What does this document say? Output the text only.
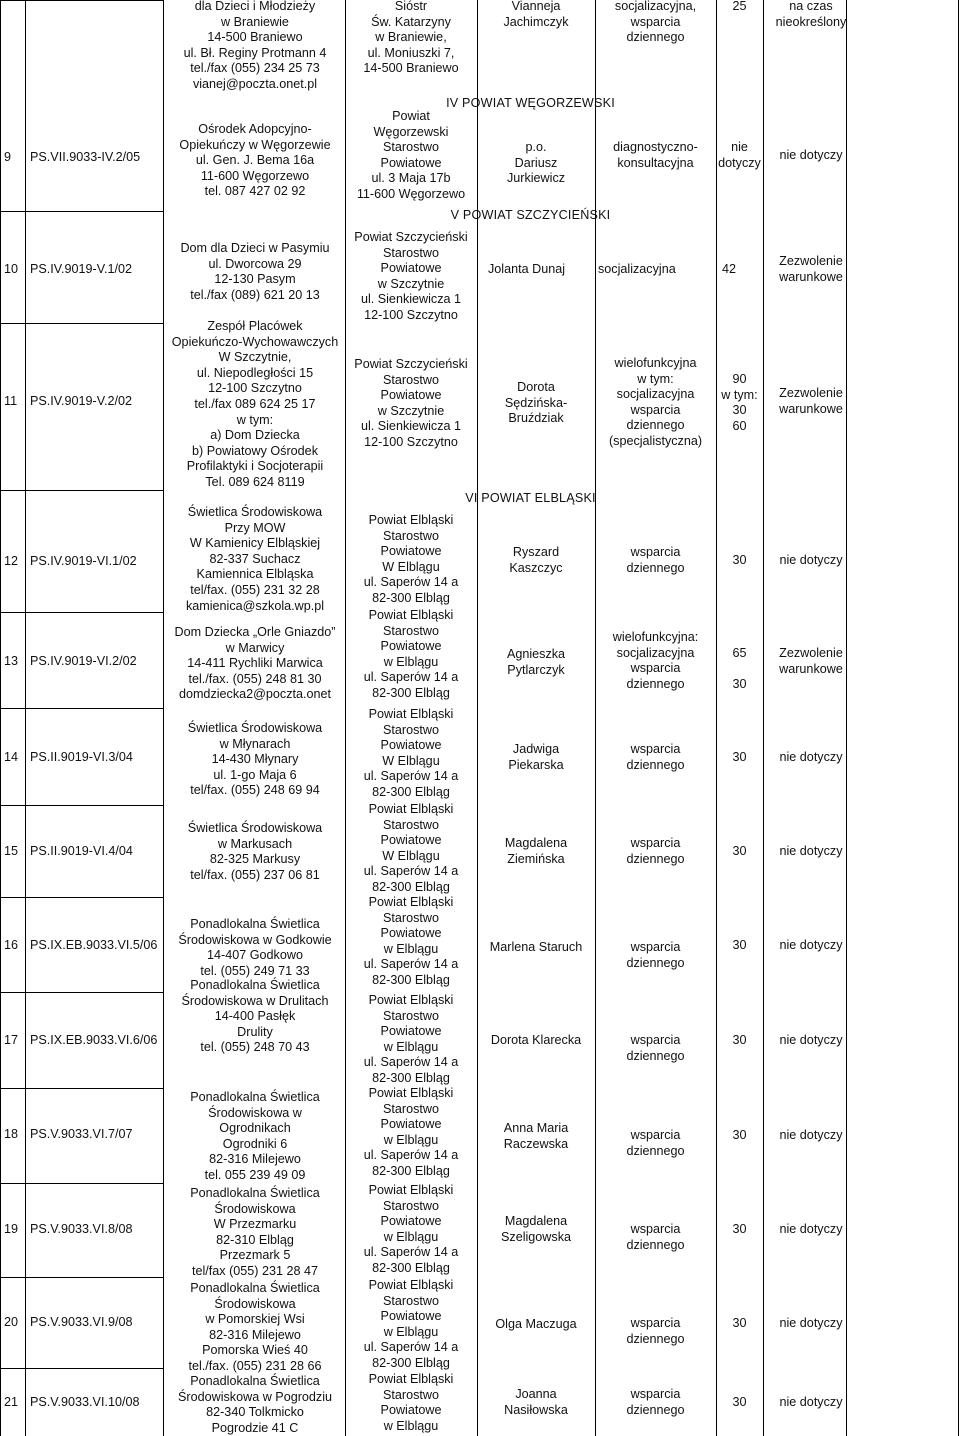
9 PS.VII.9033-IV.2/05
10 PS.IV.9019-V.1/02
11 PS.IV.9019-V.2/02
12 PS.IV.9019-VI.1/02
13 PS.IV.9019-VI.2/02
14 PS.II.9019-VI.3/04
15 PS.II.9019-VI.4/04
16 PS.IX.EB.9033.VI.5/06
17 PS.IX.EB.9033.VI.6/06
18 PS.V.9033.VI.7/07
19 PS.V.9033.VI.8/08
20 PS.V.9033.VI.9/08
21 PS.V.9033.VI.10/08
dla Dzieci i Młodzieży
w Braniewie
14-500 Braniewo
ul. Bł. Reginy Protmann 4
tel./fax (055) 234 25 73
vianej@poczta.onet.pl
Ośrodek Adopcyjno-
Opiekuńczy w Węgorzewie
ul. Gen. J. Bema 16a
11-600 Węgorzewo
tel. 087 427 02 92
Dom dla Dzieci w Pasymiu
ul. Dworcowa 29
12-130 Pasym
tel./fax (089) 621 20 13
Zespół Placówek
Opiekuńczo-Wychowawczych
W Szczytnie,
ul. Niepodległości 15
12-100 Szczytno
tel./fax 089 624 25 17
w tym:
a) Dom Dziecka
b) Powiatowy Ośrodek
Profilaktyki i Socjoterapii
Tel. 089 624 8119
Świetlica Środowiskowa
Przy MOW
W Kamienicy Elbląskiej
82-337 Suchacz
Kamiennica Elbląska
tel/fax. (055) 231 32 28
kamienica@szkola.wp.pl
Dom Dziecka „Orle Gniazdo”
w Marwicy
14-411 Rychliki Marwica
tel./fax. (055) 248 81 30
domdziecka2@poczta.onet
Świetlica Środowiskowa
w Młynarach
14-430 Młynary
ul. 1-go Maja 6
tel/fax. (055) 248 69 94
Świetlica Środowiskowa
w Markusach
82-325 Markusy
tel/fax. (055) 237 06 81
Ponadlokalna Świetlica
Środowiskowa w Godkowie
14-407 Godkowo
tel. (055) 249 71 33
Ponadlokalna Świetlica
Środowiskowa w Drulitach
14-400 Pasłęk
Drulity
tel. (055) 248 70 43
Ponadlokalna Świetlica
Środowiskowa w
Ogrodnikach
Ogrodniki 6
82-316 Milejewo
tel. 055 239 49 09
Ponadlokalna Świetlica
Środowiskowa
W Przezmarku
82-310 Elbląg
Przezmark 5
tel/fax (055) 231 28 47
Ponadlokalna Świetlica
Środowiskowa
w Pomorskiej Wsi
82-316 Milejewo
Pomorska Wieś 40
tel./fax. (055) 231 28 66
Ponadlokalna Świetlica
Środowiskowa w Pogrodziu
82-340 Tolkmicko
Pogrodzie 41 C
Sióstr
Św. Katarzyny
w Braniewie,
ul. Moniuszki 7,
14-500 Braniewo
Powiat
Węgorzewski
Starostwo
Powiatowe
ul. 3 Maja 17b
11-600 Węgorzewo
Powiat Szczycieński
Starostwo
Powiatowe
w Szczytnie
ul. Sienkiewicza 1
12-100 Szczytno
Powiat Szczycieński
Starostwo
Powiatowe
w Szczytnie
ul. Sienkiewicza 1
12-100 Szczytno
Powiat Elbląski
Starostwo
Powiatowe
W Elblągu
ul. Saperów 14 a
82-300 Elbląg
Powiat Elbląski
Starostwo
Powiatowe
w Elblągu
ul. Saperów 14 a
82-300 Elbląg
Powiat Elbląski
Starostwo
Powiatowe
W Elblągu
ul. Saperów 14 a
82-300 Elbląg
Powiat Elbląski
Starostwo
Powiatowe
W Elblągu
ul. Saperów 14 a
82-300 Elbląg
Powiat Elbląski
Starostwo
Powiatowe
w Elblągu
ul. Saperów 14 a
82-300 Elbląg
Powiat Elbląski
Starostwo
Powiatowe
w Elblągu
ul. Saperów 14 a
82-300 Elbląg
Powiat Elbląski
Starostwo
Powiatowe
w Elblągu
ul. Saperów 14 a
82-300 Elbląg
Powiat Elbląski
Starostwo
Powiatowe
w Elblągu
ul. Saperów 14 a
82-300 Elbląg
Powiat Elbląski
Starostwo
Powiatowe
w Elblągu
ul. Saperów 14 a
82-300 Elbląg
Powiat Elbląski
Starostwo
Powiatowe
w Elblągu
IV POWIAT WĘGORZEWSKI
V POWIAT SZCZYCIEŃSKI
VI POWIAT ELBLĄSKI
Vianneja
Jachimczyk
p.o.
Dariusz
Jurkiewicz
Jolanta Dunaj
Dorota
Sędzińska-
Bruździak
Ryszard
Kaszczyc
Agnieszka
Pytlarczyk
Jadwiga
Piekarska
Magdalena
Ziemińska
Marlena Staruch
Dorota Klarecka
Anna Maria
Raczewska
Magdalena
Szeligowska
Olga Maczuga
Joanna
Nasiłowska
socjalizacyjna,
wsparcia
dziennego
diagnostyczno-
konsultacyjna
socjalizacyjna
wielofunkcyjna
w tym:
socjalizacyjna
wsparcia
dziennego
(specjalistyczna)
wsparcia
dziennego
wielofunkcyjna:
socjalizacyjna
wsparcia
dziennego
wsparcia
dziennego
wsparcia
dziennego
wsparcia
dziennego
wsparcia
dziennego
wsparcia
dziennego
wsparcia
dziennego
wsparcia
dziennego
wsparcia
dziennego
25
nie
dotyczy
42
90
w tym:
30
60
30
65

30
30
30
30
30
30
30
30
30
na czas
nieokreślony
nie dotyczy
Zezwolenie
warunkowe
Zezwolenie
warunkowe
nie dotyczy
Zezwolenie
warunkowe
nie dotyczy
nie dotyczy
nie dotyczy
nie dotyczy
nie dotyczy
nie dotyczy
nie dotyczy
nie dotyczy
